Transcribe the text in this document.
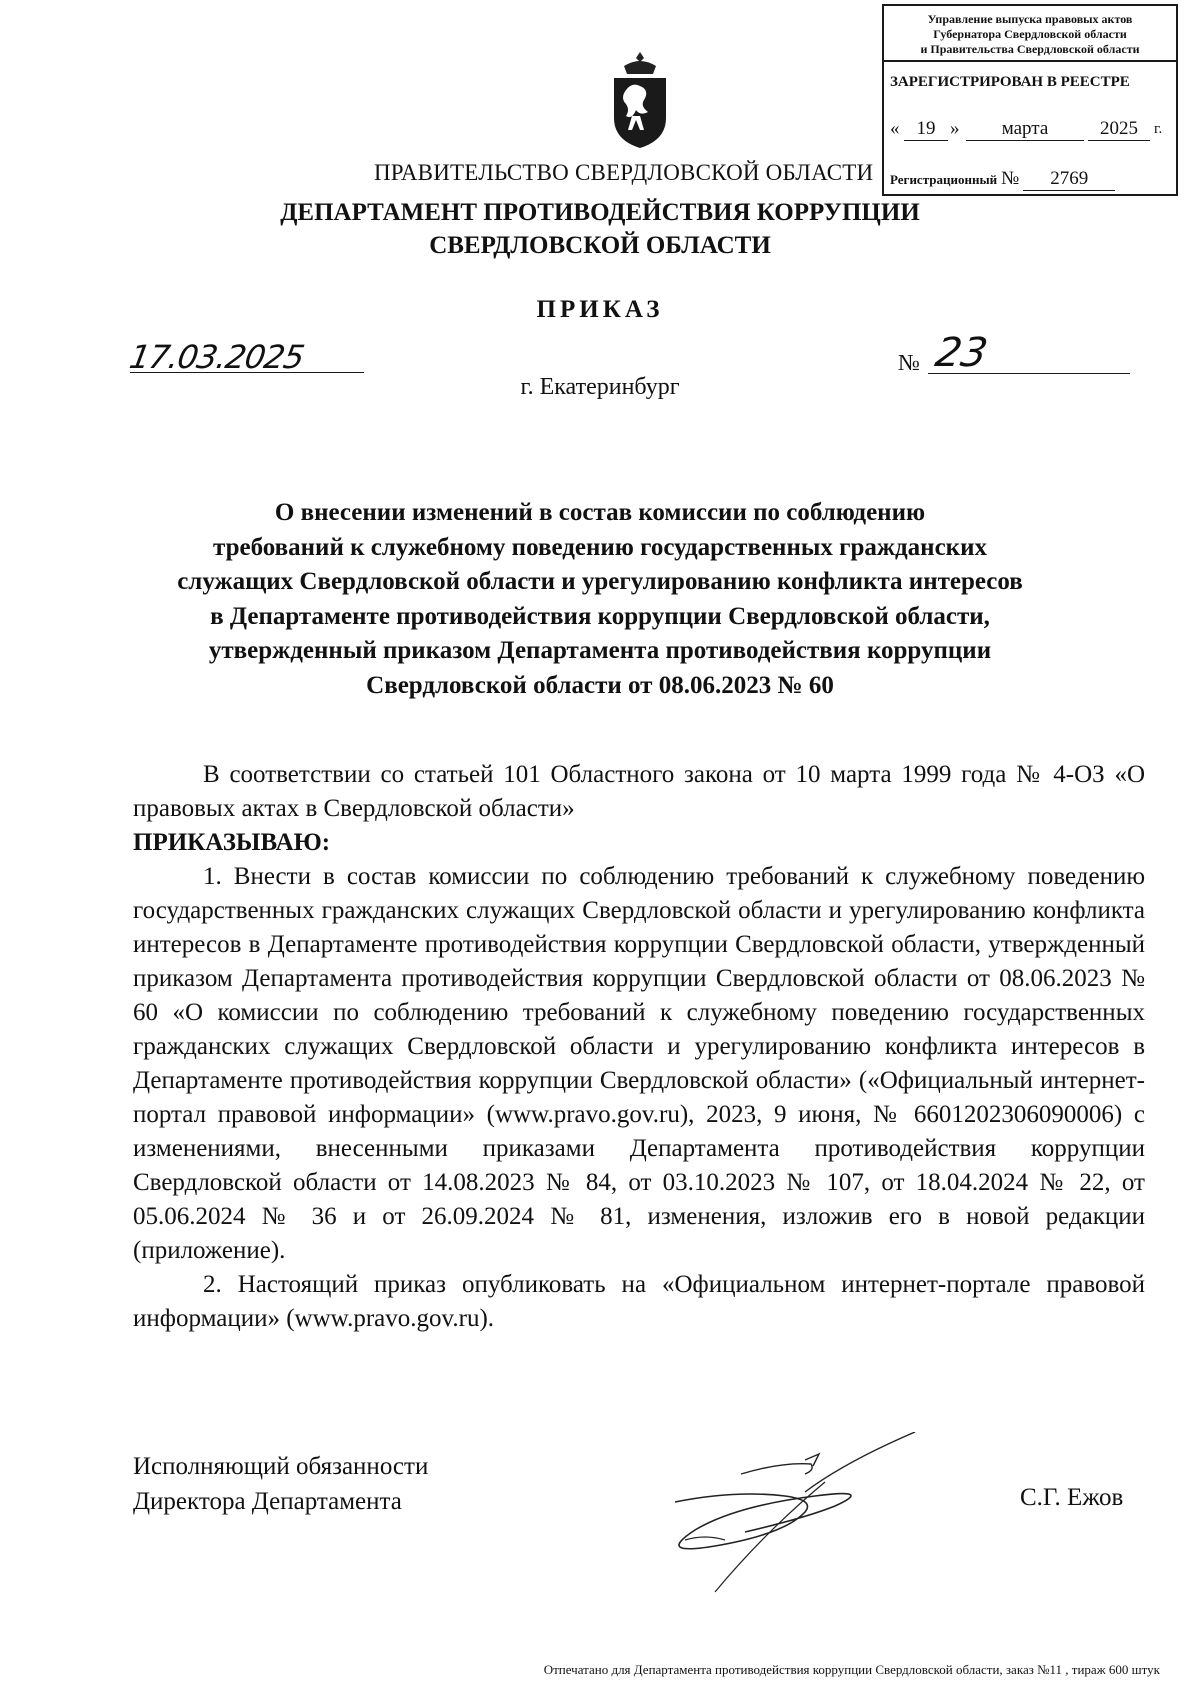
Управление выпуска правовых актов
Губернатора Свердловской области
и Правительства Свердловской области
ЗАРЕГИСТРИРОВАН В РЕЕСТРЕ
« 19 »	марта	2025	г.
Регистрационный № 2769
ПРАВИТЕЛЬСТВО СВЕРДЛОВСКОЙ ОБЛАСТИ
ДЕПАРТАМЕНТ ПРОТИВОДЕЙСТВИЯ КОРРУПЦИИ
СВЕРДЛОВСКОЙ ОБЛАСТИ
ПРИКАЗ
17.03.2025	№ 23
г. Екатеринбург
О внесении изменений в состав комиссии по соблюдению
требований к служебному поведению государственных гражданских
служащих Свердловской области и урегулированию конфликта интересов
в Департаменте противодействия коррупции Свердловской области,
утвержденный приказом Департамента противодействия коррупции
Свердловской области от 08.06.2023 № 60

В соответствии со статьей 101 Областного закона от 10 марта 1999 года № 4-ОЗ «О правовых актах в Свердловской области»

ПРИКАЗЫВАЮ:

1. Внести в состав комиссии по соблюдению требований к служебному поведению государственных гражданских служащих Свердловской области и урегулированию конфликта интересов в Департаменте противодействия коррупции Свердловской области, утвержденный приказом Департамента противодействия коррупции Свердловской области от 08.06.2023 № 60 «О комиссии по соблюдению требований к служебному поведению государственных гражданских служащих Свердловской области и урегулированию конфликта интересов в Департаменте противодействия коррупции Свердловской области» («Официальный интернет-портал правовой информации» (www.pravo.gov.ru), 2023, 9 июня, № 6601202306090006) с изменениями, внесенными приказами Департамента противодействия коррупции Свердловской области от 14.08.2023 № 84, от 03.10.2023 № 107, от 18.04.2024 № 22, от 05.06.2024 № 36 и от 26.09.2024 № 81, изменения, изложив его в новой редакции (приложение).

2. Настоящий приказ опубликовать на «Официальном интернет-портале правовой информации» (www.pravo.gov.ru).

Исполняющий обязанности
Директора Департамента	С.Г. Ежов
Отпечатано для Департамента противодействия коррупции Свердловской области, заказ №11 , тираж 600 штук
